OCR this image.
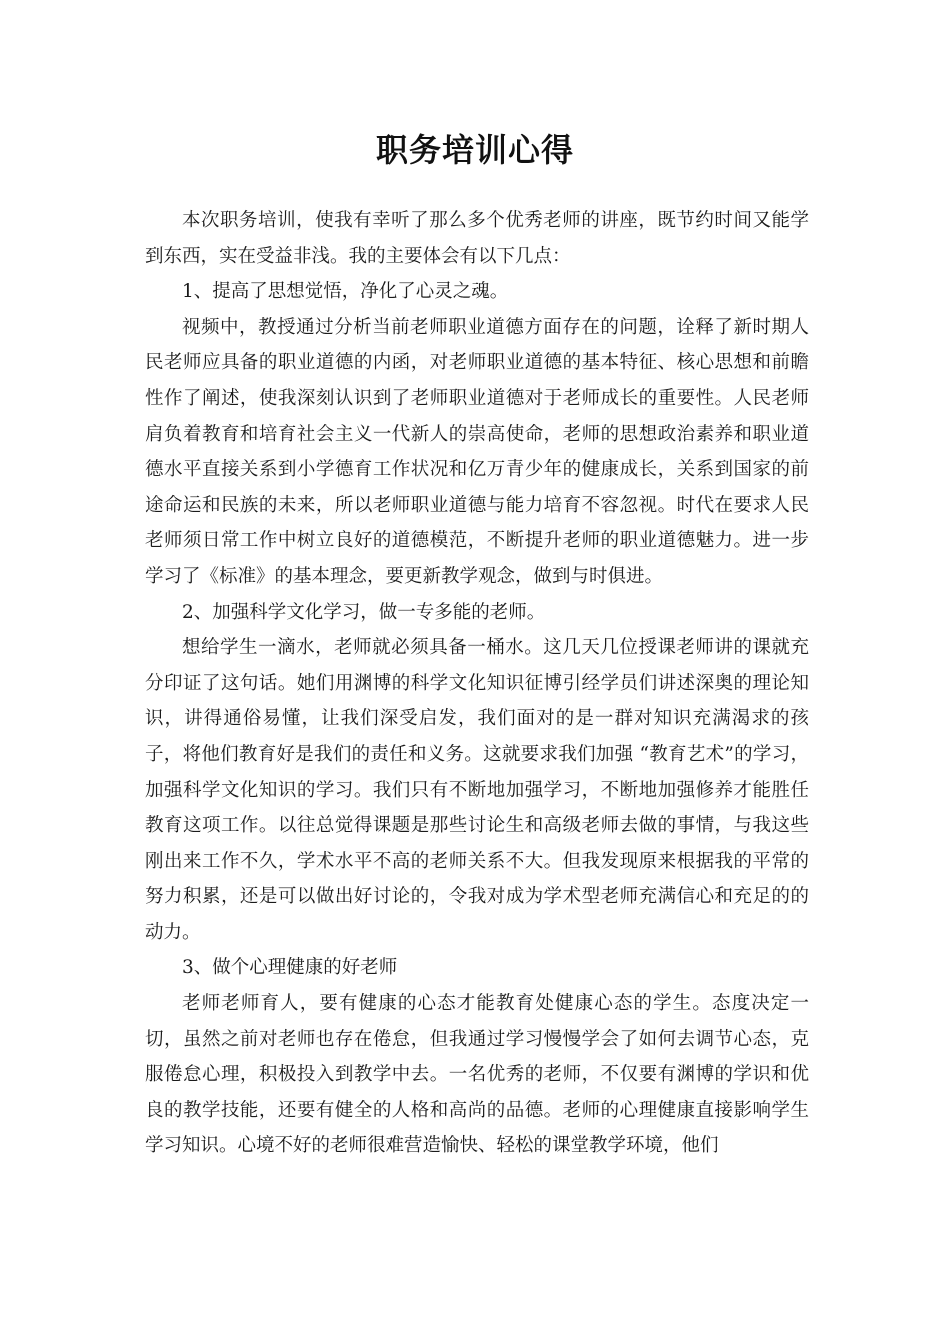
职务培训心得

本次职务培训，使我有幸听了那么多个优秀老师的讲座，既节约时间又能学到东西，实在受益非浅。我的主要体会有以下几点：

1、提高了思想觉悟，净化了心灵之魂。

视频中，教授通过分析当前老师职业道德方面存在的问题，诠释了新时期人民老师应具备的职业道德的内函，对老师职业道德的基本特征、核心思想和前瞻性作了阐述，使我深刻认识到了老师职业道德对于老师成长的重要性。人民老师肩负着教育和培育社会主义一代新人的崇高使命，老师的思想政治素养和职业道德水平直接关系到小学德育工作状况和亿万青少年的健康成长，关系到国家的前途命运和民族的未来，所以老师职业道德与能力培育不容忽视。时代在要求人民老师须日常工作中树立良好的道德模范，不断提升老师的职业道德魅力。进一步学习了《标准》的基本理念，要更新教学观念，做到与时俱进。

2、加强科学文化学习，做一专多能的老师。

想给学生一滴水，老师就必须具备一桶水。这几天几位授课老师讲的课就充分印证了这句话。她们用渊博的科学文化知识征博引经学员们讲述深奥的理论知识，讲得通俗易懂，让我们深受启发，我们面对的是一群对知识充满渴求的孩子，将他们教育好是我们的责任和义务。这就要求我们加强 “教育艺术”的学习，加强科学文化知识的学习。我们只有不断地加强学习，不断地加强修养才能胜任教育这项工作。以往总觉得课题是那些讨论生和高级老师去做的事情，与我这些刚出来工作不久，学术水平不高的老师关系不大。但我发现原来根据我的平常的努力积累，还是可以做出好讨论的，令我对成为学术型老师充满信心和充足的的动力。

3、做个心理健康的好老师

老师老师育人，要有健康的心态才能教育处健康心态的学生。态度决定一切，虽然之前对老师也存在倦怠，但我通过学习慢慢学会了如何去调节心态，克服倦怠心理，积极投入到教学中去。一名优秀的老师，不仅要有渊博的学识和优良的教学技能，还要有健全的人格和高尚的品德。老师的心理健康直接影响学生学习知识。心境不好的老师很难营造愉快、轻松的课堂教学环境，他们
